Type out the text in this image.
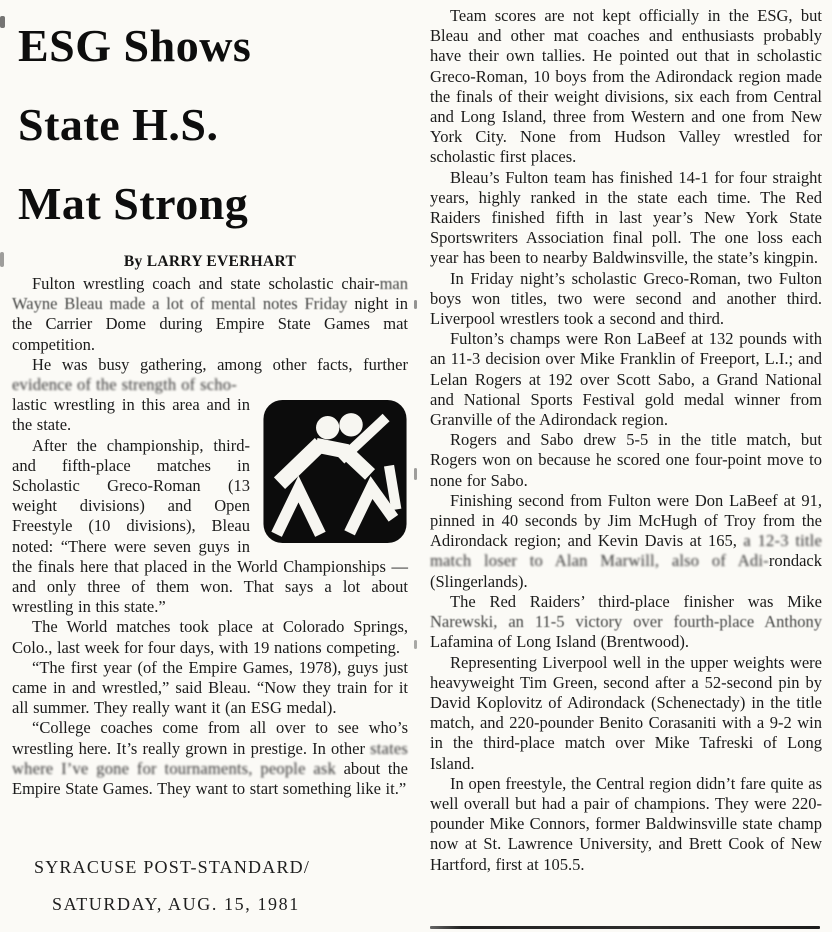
ESG Shows
State H.S.
Mat Strong
By LARRY EVERHART

Fulton wrestling coach and state scholastic chair-man Wayne Bleau made a lot of mental notes Friday night in the Carrier Dome during Empire State Games mat competition.

He was busy gathering, among other facts, further evidence of the strength of scho-

lastic wrestling in this area and in the state.

After the championship, third- and fifth-place matches in Scholastic Greco-Roman (13 weight divisions) and Open Freestyle (10 divisions), Bleau noted: “There were seven guys in the finals here that placed in the World Championships — and only three of them won. That says a lot about wrestling in this state.”

The World matches took place at Colorado Springs, Colo., last week for four days, with 19 nations competing.

“The first year (of the Empire Games, 1978), guys just came in and wrestled,” said Bleau. “Now they train for it all summer. They really want it (an ESG medal).

“College coaches come from all over to see who’s wrestling here. It’s really grown in prestige. In other states where I’ve gone for tournaments, people ask about the Empire State Games. They want to start something like it.”

SYRACUSE POST-STANDARD/
SATURDAY, AUG. 15, 1981

Team scores are not kept officially in the ESG, but Bleau and other mat coaches and enthusiasts probably have their own tallies. He pointed out that in scholastic Greco-Roman, 10 boys from the Adirondack region made the finals of their weight divisions, six each from Central and Long Island, three from Western and one from New York City. None from Hudson Valley wrestled for scholastic first places.

Bleau’s Fulton team has finished 14-1 for four straight years, highly ranked in the state each time. The Red Raiders finished fifth in last year’s New York State Sportswriters Association final poll. The one loss each year has been to nearby Baldwinsville, the state’s kingpin.

In Friday night’s scholastic Greco-Roman, two Fulton boys won titles, two were second and another third. Liverpool wrestlers took a second and third.

Fulton’s champs were Ron LaBeef at 132 pounds with an 11-3 decision over Mike Franklin of Freeport, L.I.; and Lelan Rogers at 192 over Scott Sabo, a Grand National and National Sports Festival gold medal winner from Granville of the Adirondack region.

Rogers and Sabo drew 5-5 in the title match, but Rogers won on because he scored one four-point move to none for Sabo.

Finishing second from Fulton were Don LaBeef at 91, pinned in 40 seconds by Jim McHugh of Troy from the Adirondack region; and Kevin Davis at 165, a 12-3 title match loser to Alan Marwill, also of Adi-rondack (Slingerlands).

The Red Raiders’ third-place finisher was Mike Narewski, an 11-5 victory over fourth-place Anthony Lafamina of Long Island (Brentwood).

Representing Liverpool well in the upper weights were heavyweight Tim Green, second after a 52-second pin by David Koplovitz of Adirondack (Schenectady) in the title match, and 220-pounder Benito Corasaniti with a 9-2 win in the third-place match over Mike Tafreski of Long Island.

In open freestyle, the Central region didn’t fare quite as well overall but had a pair of champions. They were 220-pounder Mike Connors, former Baldwinsville state champ now at St. Lawrence University, and Brett Cook of New Hartford, first at 105.5.
